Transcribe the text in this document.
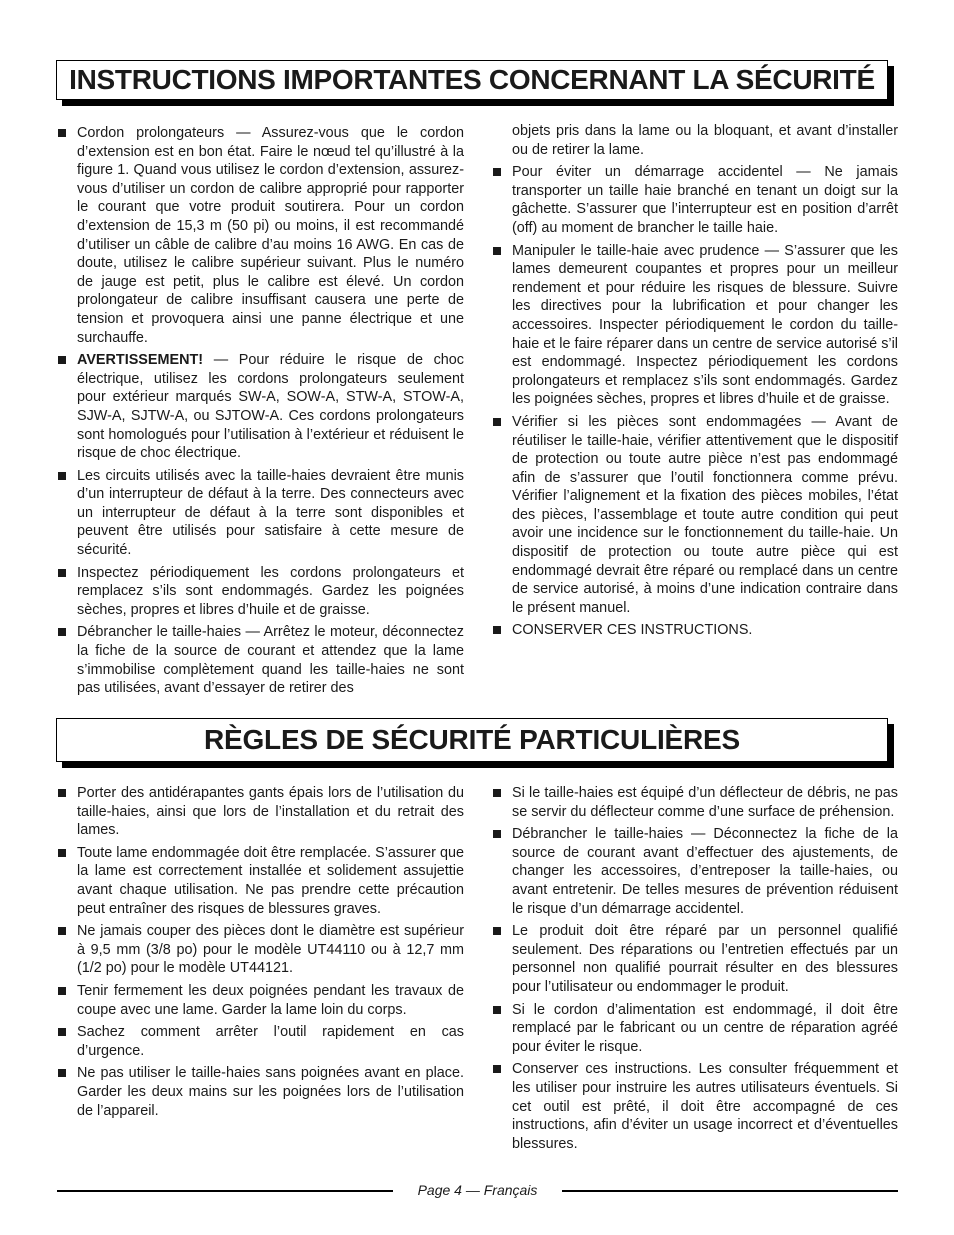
INSTRUCTIONS IMPORTANTES CONCERNANT LA SÉCURITÉ
Cordon prolongateurs — Assurez-vous que le cordon d’extension est en bon état. Faire le nœud tel qu’illustré à la figure 1. Quand vous utilisez le cordon d’extension, assurez-vous d’utiliser un cordon de calibre approprié pour rapporter le courant que votre produit soutirera. Pour un cordon d’extension de 15,3 m (50 pi) ou moins, il est recommandé d’utiliser un câble de calibre d’au moins 16 AWG. En cas de doute, utilisez le calibre supérieur suivant. Plus le numéro de jauge est petit, plus le calibre est élevé. Un cordon prolongateur de calibre insuffisant causera une perte de tension et provoquera ainsi une panne électrique et une surchauffe.
AVERTISSEMENT! — Pour réduire le risque de choc électrique, utilisez les cordons prolongateurs seulement pour extérieur marqués SW-A, SOW-A, STW-A, STOW-A, SJW-A, SJTW-A, ou SJTOW-A. Ces cordons prolongateurs sont homologués pour l’utilisation à l’extérieur et réduisent le risque de choc électrique.
Les circuits utilisés avec la taille-haies devraient être munis d’un interrupteur de défaut à la terre. Des connecteurs avec un interrupteur de défaut à la terre sont disponibles et peuvent être utilisés pour satisfaire à cette mesure de sécurité.
Inspectez périodiquement les cordons prolongateurs et remplacez s’ils sont endommagés. Gardez les poignées sèches, propres et libres d’huile et de graisse.
Débrancher le taille-haies — Arrêtez le moteur, déconnectez la fiche de la source de courant et attendez que la lame s’immobilise complètement quand les taille-haies ne sont pas utilisées, avant d’essayer de retirer des
objets pris dans la lame ou la bloquant, et avant d’installer ou de retirer la lame.
Pour éviter un démarrage accidentel — Ne jamais transporter un taille haie branché en tenant un doigt sur la gâchette. S’assurer que l’interrupteur est en position d’arrêt (off) au moment de brancher le taille haie.
Manipuler le taille-haie avec prudence — S’assurer que les lames demeurent coupantes et propres pour un meilleur rendement et pour réduire les risques de blessure. Suivre les directives pour la lubrification et pour changer les accessoires. Inspecter périodiquement le cordon du taille-haie et le faire réparer dans un centre de service autorisé s’il est endommagé. Inspectez périodiquement les cordons prolongateurs et remplacez s’ils sont endommagés. Gardez les poignées sèches, propres et libres d’huile et de graisse.
Vérifier si les pièces sont endommagées — Avant de réutiliser le taille-haie, vérifier attentivement que le dispositif de protection ou toute autre pièce n’est pas endommagé afin de s’assurer que l’outil fonctionnera comme prévu. Vérifier l’alignement et la fixation des pièces mobiles, l’état des pièces, l’assemblage et toute autre condition qui peut avoir une incidence sur le fonctionnement du taille-haie. Un dispositif de protection ou toute autre pièce qui est endommagé devrait être réparé ou remplacé dans un centre de service autorisé, à moins d’une indication contraire dans le présent manuel.
CONSERVER CES INSTRUCTIONS.
RÈGLES DE SÉCURITÉ PARTICULIÈRES
Porter des antidérapantes gants épais lors de l’utilisation du taille-haies, ainsi que lors de l’installation et du retrait des lames.
Toute lame endommagée doit être remplacée. S’assurer que la lame est correctement installée et solidement assujettie avant chaque utilisation. Ne pas prendre cette précaution peut entraîner des risques de blessures graves.
Ne jamais couper des pièces dont le diamètre est supérieur à 9,5 mm (3/8 po) pour le modèle UT44110 ou à 12,7 mm (1/2 po) pour le modèle UT44121.
Tenir fermement les deux poignées pendant les travaux de coupe avec une lame. Garder la lame loin du corps.
Sachez comment arrêter l’outil rapidement en cas d’urgence.
Ne pas utiliser le taille-haies sans poignées avant en place. Garder les deux mains sur les poignées lors de l’utilisation de l’appareil.
Si le taille-haies est équipé d’un déflecteur de débris, ne pas se servir du déflecteur comme d’une surface de préhension.
Débrancher le taille-haies — Déconnectez la fiche de la source de courant avant d’effectuer des ajustements, de changer les accessoires, d’entreposer la taille-haies, ou avant entretenir. De telles mesures de prévention réduisent le risque d’un démarrage accidentel.
Le produit doit être réparé par un personnel qualifié seulement. Des réparations ou l’entretien effectués par un personnel non qualifié pourrait résulter en des blessures pour l’utilisateur ou endommager le produit.
Si le cordon d’alimentation est endommagé, il doit être remplacé par le fabricant ou un centre de réparation agréé pour éviter le risque.
Conserver ces instructions. Les consulter fréquemment et les utiliser pour instruire les autres utilisateurs éventuels. Si cet outil est prêté, il doit être accompagné de ces instructions, afin d’éviter un usage incorrect et d’éventuelles blessures.
Page 4 — Français
